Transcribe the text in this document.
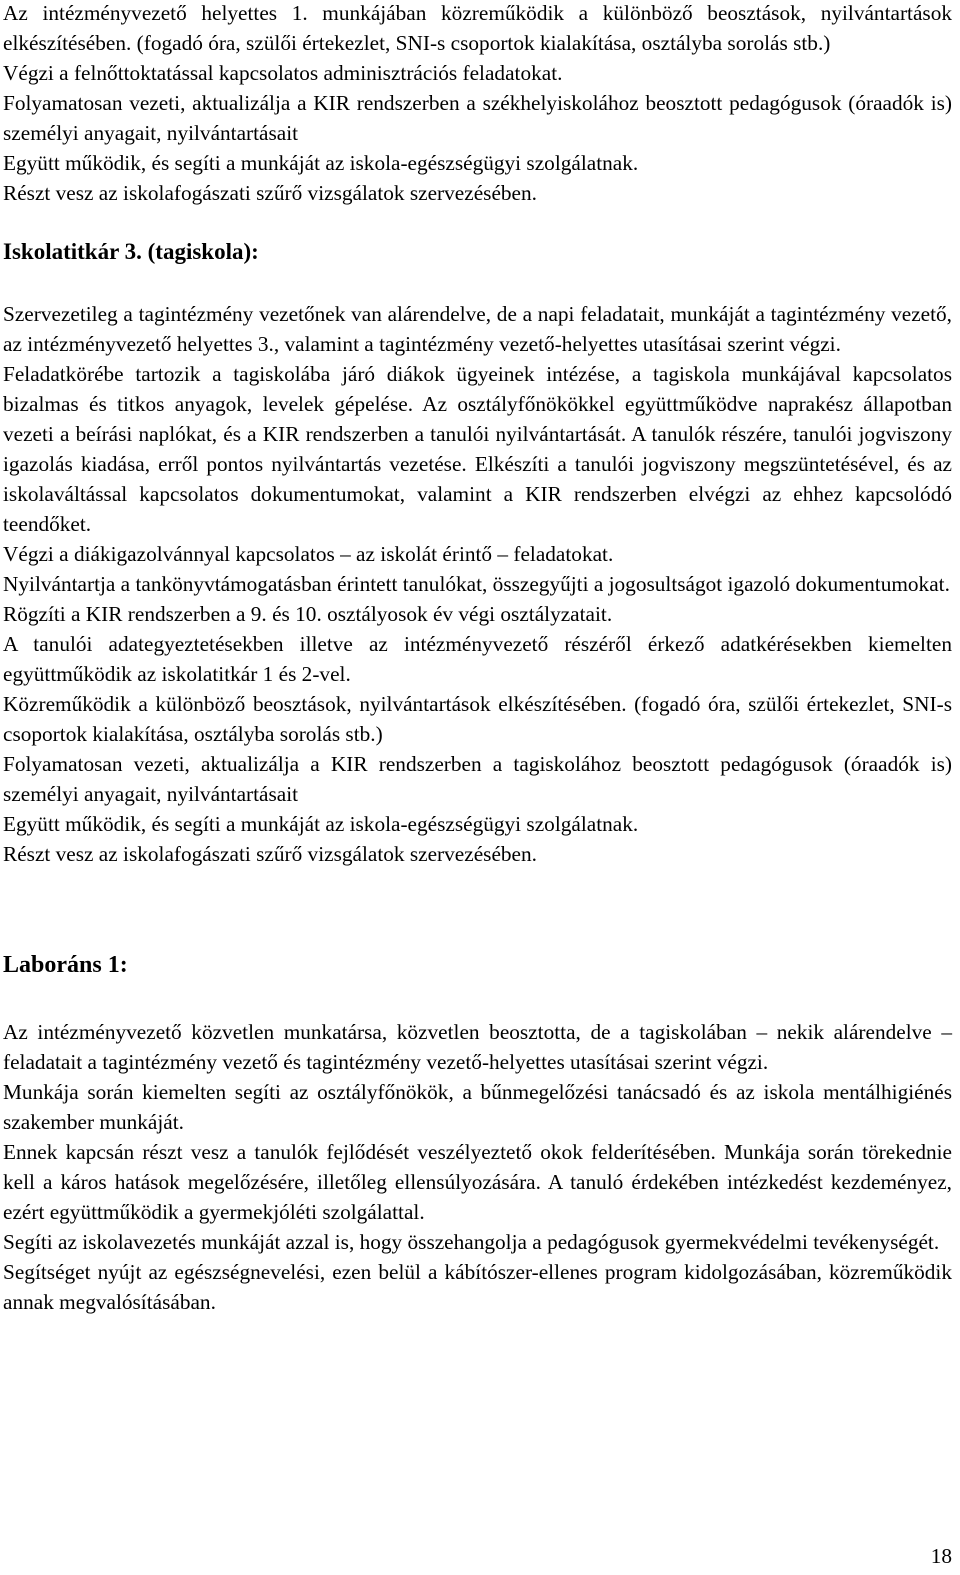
Az intézményvezető helyettes 1. munkájában közreműködik a különböző beosztások, nyilvántartások elkészítésében. (fogadó óra, szülői értekezlet, SNI-s csoportok kialakítása, osztályba sorolás stb.)

Végzi a felnőttoktatással kapcsolatos adminisztrációs feladatokat.

Folyamatosan vezeti, aktualizálja a KIR rendszerben a székhelyiskolához beosztott pedagógusok (óraadók is) személyi anyagait, nyilvántartásait

Együtt működik, és segíti a munkáját az iskola-egészségügyi szolgálatnak.

Részt vesz az iskolafogászati szűrő vizsgálatok szervezésében.

Iskolatitkár 3. (tagiskola):

Szervezetileg a tagintézmény vezetőnek van alárendelve, de a napi feladatait, munkáját a tagintézmény vezető, az intézményvezető helyettes 3., valamint a tagintézmény vezető-helyettes utasításai szerint végzi.

Feladatkörébe tartozik a tagiskolába járó diákok ügyeinek intézése, a tagiskola munkájával kapcsolatos bizalmas és titkos anyagok, levelek gépelése. Az osztályfőnökökkel együttműködve naprakész állapotban vezeti a beírási naplókat, és a KIR rendszerben a tanulói nyilvántartását. A tanulók részére, tanulói jogviszony igazolás kiadása, erről pontos nyilvántartás vezetése. Elkészíti a tanulói jogviszony megszüntetésével, és az iskolaváltással kapcsolatos dokumentumokat, valamint a KIR rendszerben elvégzi az ehhez kapcsolódó teendőket.

Végzi a diákigazolvánnyal kapcsolatos – az iskolát érintő – feladatokat.

Nyilvántartja a tankönyvtámogatásban érintett tanulókat, összegyűjti a jogosultságot igazoló dokumentumokat.

Rögzíti a KIR rendszerben a 9. és 10. osztályosok év végi osztályzatait.

A tanulói adategyeztetésekben illetve az intézményvezető részéről érkező adatkérésekben kiemelten együttműködik az iskolatitkár 1 és 2-vel.

Közreműködik a különböző beosztások, nyilvántartások elkészítésében. (fogadó óra, szülői értekezlet, SNI-s csoportok kialakítása, osztályba sorolás stb.)

Folyamatosan vezeti, aktualizálja a KIR rendszerben a tagiskolához beosztott pedagógusok (óraadók is) személyi anyagait, nyilvántartásait

Együtt működik, és segíti a munkáját az iskola-egészségügyi szolgálatnak.

Részt vesz az iskolafogászati szűrő vizsgálatok szervezésében.

Laboráns 1:

Az intézményvezető közvetlen munkatársa, közvetlen beosztotta, de a tagiskolában – nekik alárendelve – feladatait a tagintézmény vezető és tagintézmény vezető-helyettes utasításai szerint végzi.

Munkája során kiemelten segíti az osztályfőnökök, a bűnmegelőzési tanácsadó és az iskola mentálhigiénés szakember munkáját.

Ennek kapcsán részt vesz a tanulók fejlődését veszélyeztető okok felderítésében. Munkája során törekednie kell a káros hatások megelőzésére, illetőleg ellensúlyozására. A tanuló érdekében intézkedést kezdeményez, ezért együttműködik a gyermekjóléti szolgálattal.

Segíti az iskolavezetés munkáját azzal is, hogy összehangolja a pedagógusok gyermekvédelmi tevékenységét.

Segítséget nyújt az egészségnevelési, ezen belül a kábítószer-ellenes program kidolgozásában, közreműködik annak megvalósításában.

18
